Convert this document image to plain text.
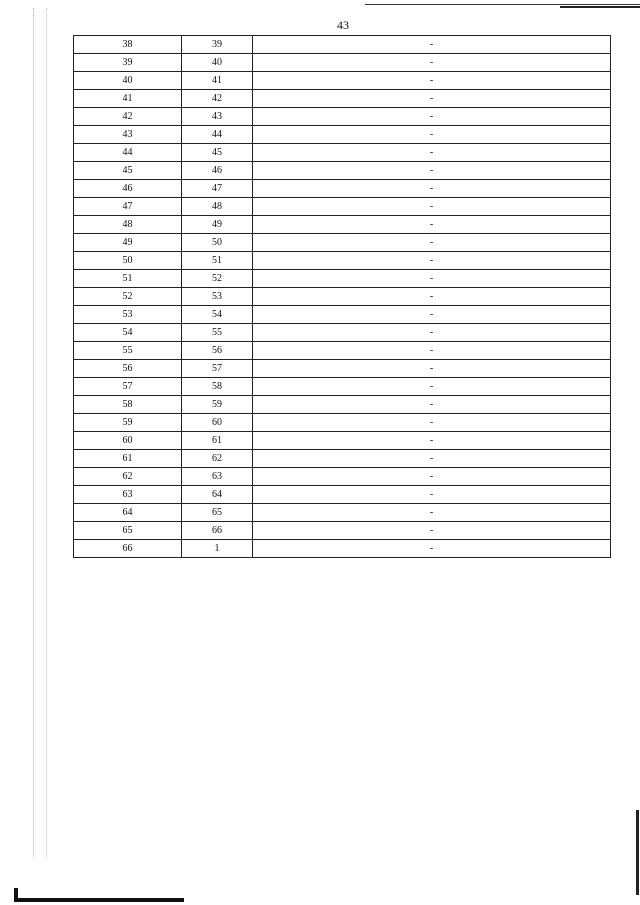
43
38	39	-
39	40	-
40	41	-
41	42	-
42	43	-
43	44	-
44	45	-
45	46	-
46	47	-
47	48	-
48	49	-
49	50	-
50	51	-
51	52	-
52	53	-
53	54	-
54	55	-
55	56	-
56	57	-
57	58	-
58	59	-
59	60	-
60	61	-
61	62	-
62	63	-
63	64	-
64	65	-
65	66	-
66	1	-
